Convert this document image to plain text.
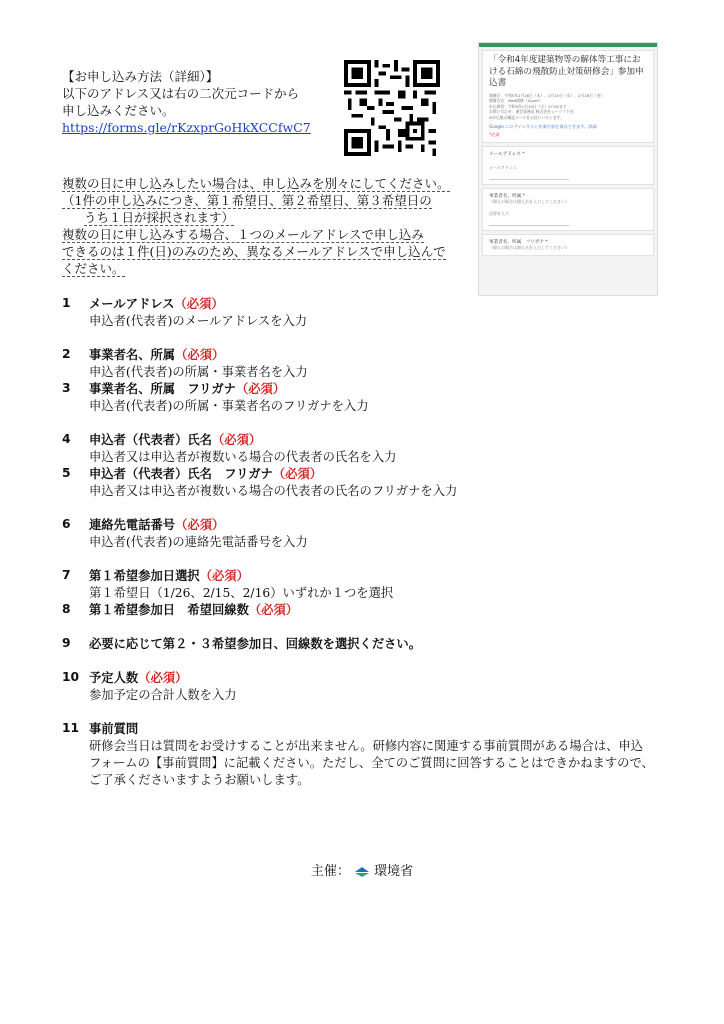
【お申し込み方法（詳細）】
以下のアドレス又は右の二次元コードから
申し込みください。
https://forms.gle/rKzxprGoHkXCCfwC7
「令和4年度建築物等の解体等工事における石綿の飛散防止対策研修会」参加申込書
開催日：令和5年1月26日（木）、2月15日（水）、2月16日（金）
開催方法：Web開催（Zoom）
申込締切：令和5年1月19日（火）17:00まで
お問い合わせ：運営事務局 株式会社シーソフト内
※申込後は確認メールをお送りいたします。
Google にログインすると作業内容を保存できます。詳細
*必須
メールアドレス *
メールアドレス
事業者名、所属 *
（個人の場合は個人名を入力してください）
回答を入力
事業者名、所属　フリガナ *
（個人の場合は個人名を入力してください）
複数の日に申し込みしたい場合は、申し込みを別々にしてください。
（1件の申し込みにつき、第１希望日、第２希望日、第３希望日の
うち１日が採択されます）
複数の日に申し込みする場合、１つのメールアドレスで申し込み
できるのは１件(日)のみのため、異なるメールアドレスで申し込んで
ください。
1	メールアドレス（必須）
申込者(代表者)のメールアドレスを入力
2	事業者名、所属（必須）
申込者(代表者)の所属・事業者名を入力
3	事業者名、所属　フリガナ（必須）
申込者(代表者)の所属・事業者名のフリガナを入力
4	申込者（代表者）氏名（必須）
申込者又は申込者が複数いる場合の代表者の氏名を入力
5	申込者（代表者）氏名　フリガナ（必須）
申込者又は申込者が複数いる場合の代表者の氏名のフリガナを入力
6	連絡先電話番号（必須）
申込者(代表者)の連絡先電話番号を入力
7	第１希望参加日選択（必須）
第１希望日（1/26、2/15、2/16）いずれか１つを選択
8	第１希望参加日　希望回線数（必須）
9	必要に応じて第２・３希望参加日、回線数を選択ください。
10 予定人数（必須）
参加予定の合計人数を入力
11 事前質問
研修会当日は質問をお受けすることが出来ません。研修内容に関連する事前質問がある場合は、申込
フォームの【事前質問】に記載ください。ただし、全てのご質問に回答することはできかねますので、
ご了承くださいますようお願いします。
主催： 環境省
